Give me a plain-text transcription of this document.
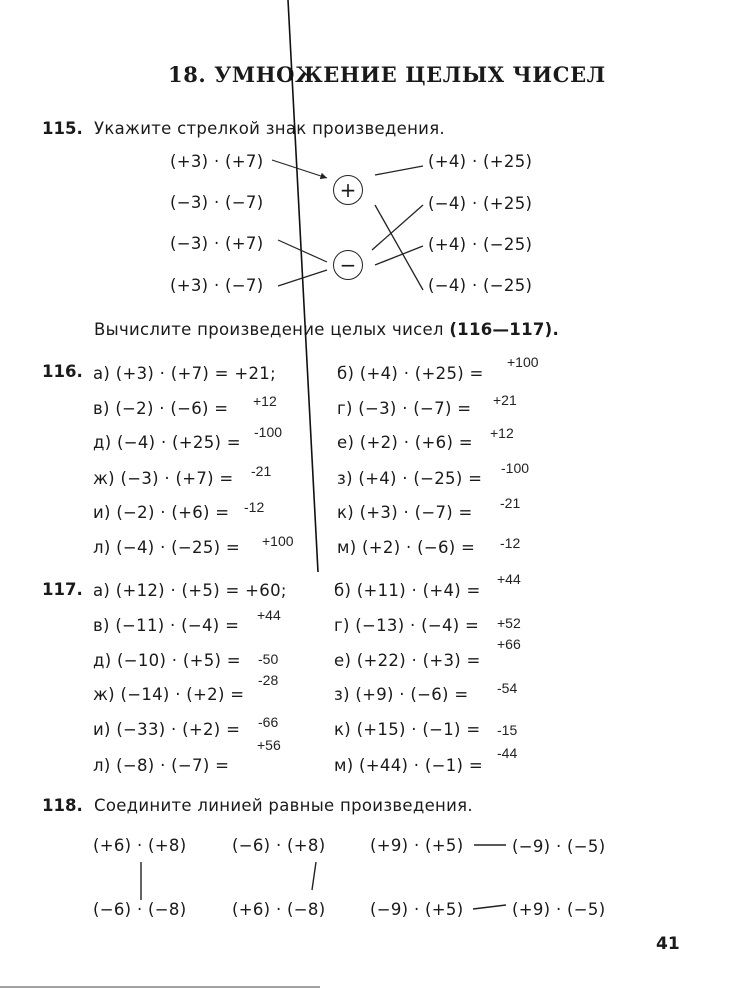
18. УМНОЖЕНИЕ ЦЕЛЫХ ЧИСЕЛ
115. Укажите стрелкой знак произведения.
(+3) · (+7)
(−3) · (−7)
(−3) · (+7)
(+3) · (−7)
(+4) · (+25)
(−4) · (+25)
(+4) · (−25)
(−4) · (−25)
+
−
Вычислите произведение целых чисел (116—117).
116. а) (+3) · (+7) = +21;
в) (−2) · (−6) = +12
д) (−4) · (+25) =
-100
ж) (−3) · (+7) = -21
и) (−2) · (+6) = -12
л) (−4) · (−25) = +100
б) (+4) · (+25) =
+100
г) (−3) · (−7) = +21
е) (+2) · (+6) = +12
з) (+4) · (−25) =
-100
к) (+3) · (−7) = -21
м) (+2) · (−6) = -12
117. а) (+12) · (+5) = +60;
в) (−11) · (−4) =
+44
д) (−10) · (+5) = -50
ж) (−14) · (+2) =
-28
и) (−33) · (+2) = -66
л) (−8) · (−7) =
+56
б) (+11) · (+4) =
+44
г) (−13) · (−4) = +52
е) (+22) · (+3) =
+66
з) (+9) · (−6) = -54
к) (+15) · (−1) = -15
м) (+44) · (−1) =
-44
118. Соедините линией равные произведения.
(+6) · (+8)	(−6) · (+8)	(+9) · (+5)	(−9) · (−5)
(−6) · (−8)	(+6) · (−8)	(−9) · (+5)	(+9) · (−5)
41
